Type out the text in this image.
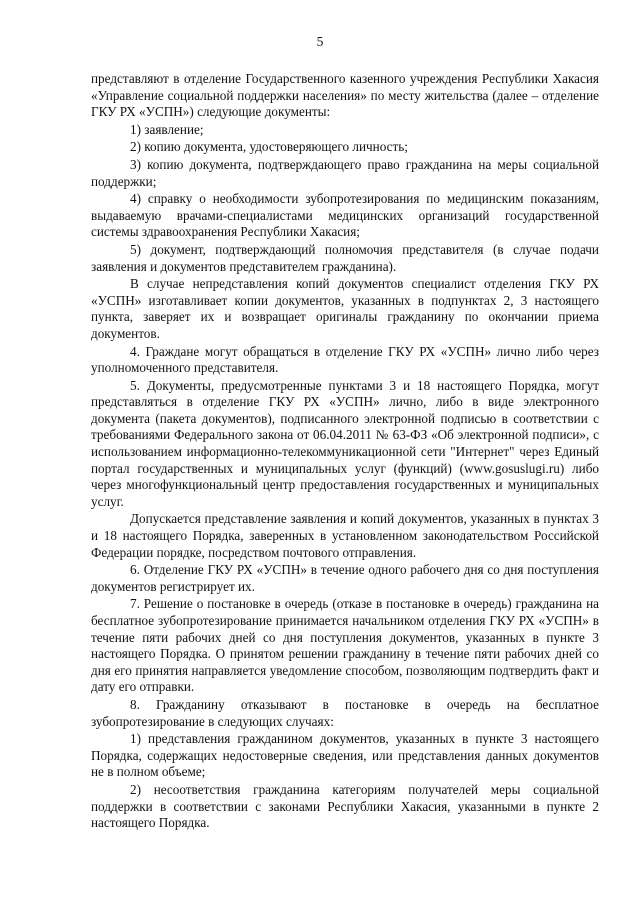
5

представляют в отделение Государственного казенного учреждения Республики Хакасия «Управление социальной поддержки населения» по месту жительства (далее – отделение ГКУ РХ «УСПН») следующие документы:

1) заявление;

2) копию документа, удостоверяющего личность;

3) копию документа, подтверждающего право гражданина на меры социальной поддержки;

4) справку о необходимости зубопротезирования по медицинским показаниям, выдаваемую врачами-специалистами медицинских организаций государственной системы здравоохранения Республики Хакасия;

5) документ, подтверждающий полномочия представителя (в случае подачи заявления и документов представителем гражданина).

В случае непредставления копий документов специалист отделения ГКУ РХ «УСПН» изготавливает копии документов, указанных в подпунктах 2, 3 настоящего пункта, заверяет их и возвращает оригиналы гражданину по окончании приема документов.

4. Граждане могут обращаться в отделение ГКУ РХ «УСПН» лично либо через уполномоченного представителя.

5. Документы, предусмотренные пунктами 3 и 18 настоящего Порядка, могут представляться в отделение ГКУ РХ «УСПН» лично, либо в виде электронного документа (пакета документов), подписанного электронной подписью в соответствии с требованиями Федерального закона от 06.04.2011 № 63-ФЗ «Об электронной подписи», с использованием информационно-телекоммуникационной сети "Интернет" через Единый портал государственных и муниципальных услуг (функций) (www.gosuslugi.ru) либо через многофункциональный центр предоставления государственных и муниципальных услуг.

Допускается представление заявления и копий документов, указанных в пунктах 3 и 18 настоящего Порядка, заверенных в установленном законодательством Российской Федерации порядке, посредством почтового отправления.

6. Отделение ГКУ РХ «УСПН» в течение одного рабочего дня со дня поступления документов регистрирует их.

7. Решение о постановке в очередь (отказе в постановке в очередь) гражданина на бесплатное зубопротезирование принимается начальником отделения ГКУ РХ «УСПН» в течение пяти рабочих дней со дня поступления документов, указанных в пункте 3 настоящего Порядка. О принятом решении гражданину в течение пяти рабочих дней со дня его принятия направляется уведомление способом, позволяющим подтвердить факт и дату его отправки.

8. Гражданину отказывают в постановке в очередь на бесплатное зубопротезирование в следующих случаях:

1) представления гражданином документов, указанных в пункте 3 настоящего Порядка, содержащих недостоверные сведения, или представления данных документов не в полном объеме;

2) несоответствия гражданина категориям получателей меры социальной поддержки в соответствии с законами Республики Хакасия, указанными в пункте 2 настоящего Порядка.
